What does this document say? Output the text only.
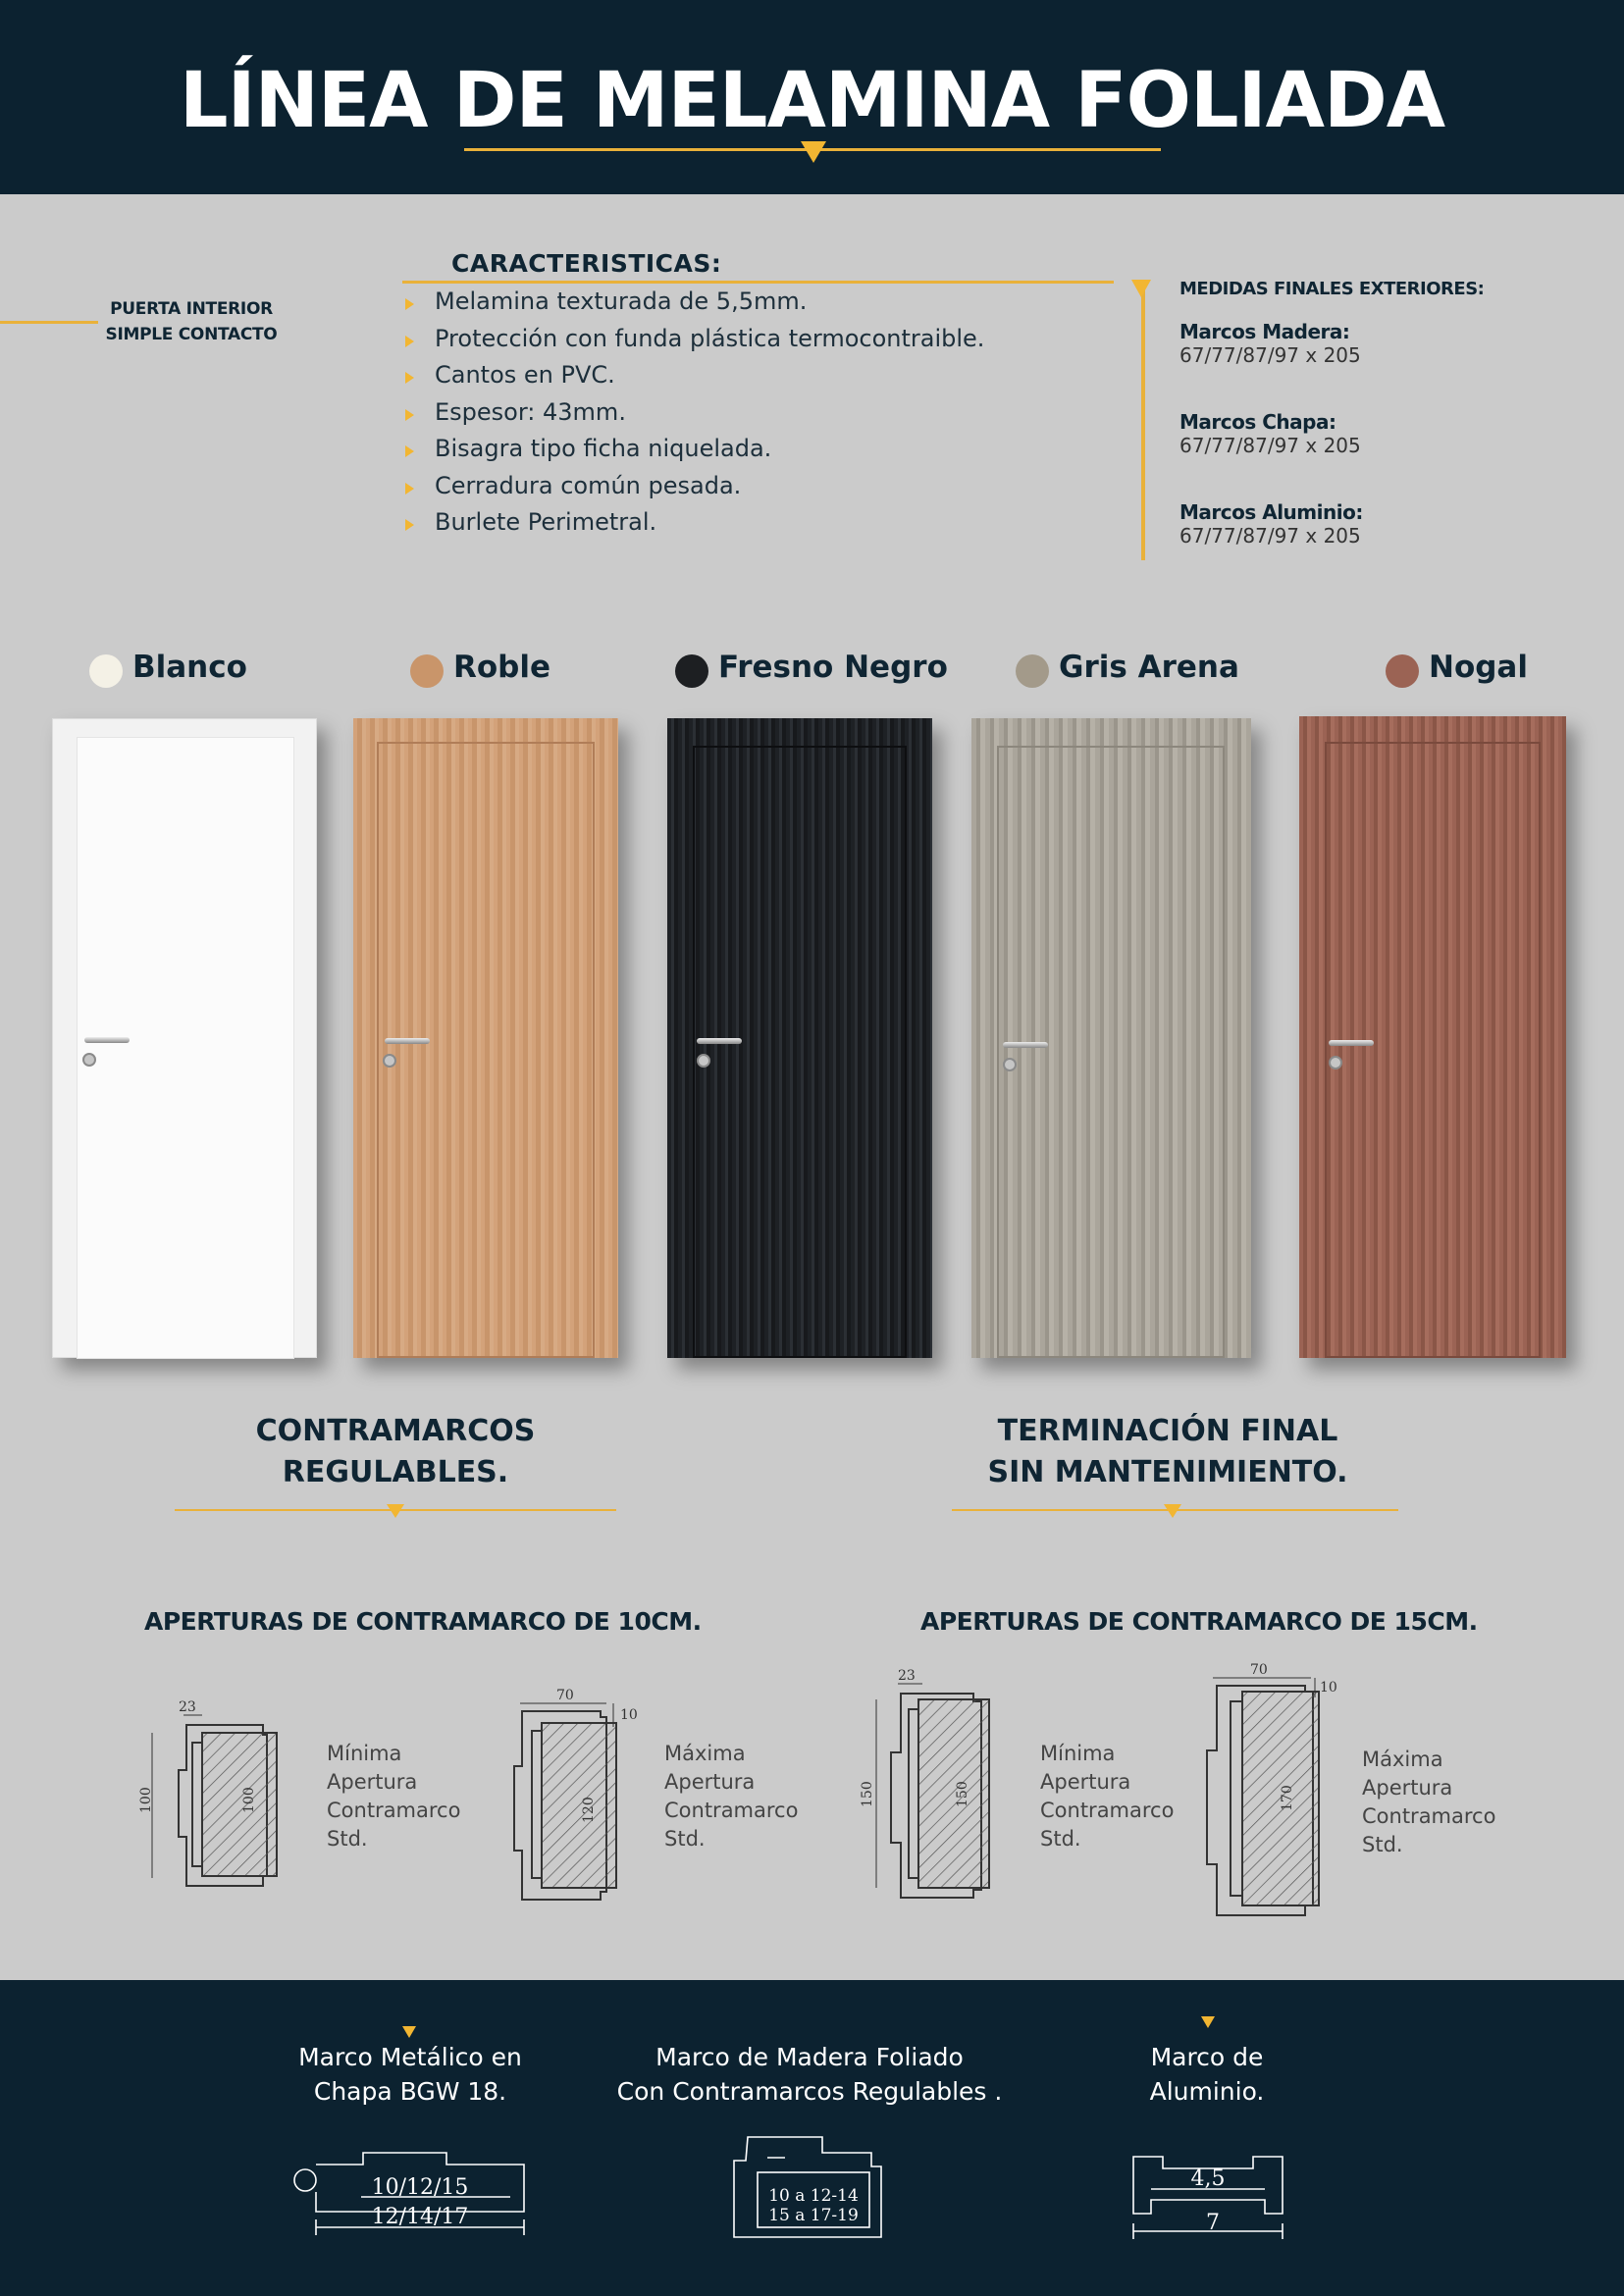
LÍNEA DE MELAMINA FOLIADA
PUERTA INTERIOR
SIMPLE CONTACTO
CARACTERISTICAS:
Melamina texturada de 5,5mm.
Protección con funda plástica termocontraible.
Cantos en PVC.
Espesor: 43mm.
Bisagra tipo ficha niquelada.
Cerradura común pesada.
Burlete Perimetral.
MEDIDAS FINALES EXTERIORES:
Marcos Madera:
67/77/87/97 x 205
Marcos Chapa:
67/77/87/97 x 205
Marcos Aluminio:
67/77/87/97 x 205
Blanco	Roble	Fresno Negro	Gris Arena	Nogal
CONTRAMARCOS
REGULABLES.
TERMINACIÓN FINAL
SIN MANTENIMIENTO.
APERTURAS DE CONTRAMARCO DE 10CM.	APERTURAS DE CONTRAMARCO DE 15CM.
23
100	100
70
10
120
23
150	150
70
10
170
Mínima
Apertura
Contramarco
Std.
Máxima
Apertura
Contramarco
Std.
Mínima
Apertura
Contramarco
Std.
Máxima
Apertura
Contramarco
Std.
Marco Metálico en
Chapa BGW 18.
Marco de Madera Foliado
Con Contramarcos Regulables .
Marco de
Aluminio.
10/12/15
12/14/17
10 a 12-14
15 a 17-19
4,5
7
